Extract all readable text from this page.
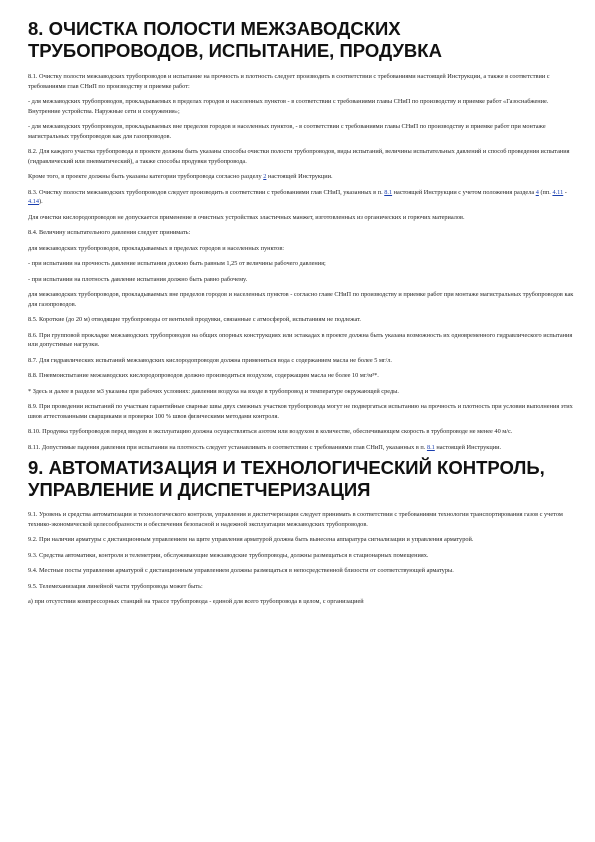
8. ОЧИСТКА ПОЛОСТИ МЕЖЗАВОДСКИХ ТРУБОПРОВОДОВ, ИСПЫТАНИЕ, ПРОДУВКА

8.1. Очистку полости межзаводских трубопроводов и испытание на прочность и плотность следует производить в соответствии с требованиями настоящей Инструкции, а также в соответствии с требованиями глав СНиП по производству и приемке работ:

- для межзаводских трубопроводов, прокладываемых в пределах городов и населенных пунктов - в соответствии с требованиями главы СНиП по производству и приемке работ «Газоснабжение. Внутренние устройства. Наружные сети и сооружения»;

- для межзаводских трубопроводов, прокладываемых вне пределов городов и населенных пунктов, - в соответствии с требованиями главы СНиП по производству и приемке работ при монтаже магистральных трубопроводов как для газопроводов.

8.2. Для каждого участка трубопровода в проекте должны быть указаны способы очистки полости трубопроводов, виды испытаний, величины испытательных давлений и способ проведения испытания (гидравлический или пневматический), а также способы продувки трубопровода.

Кроме того, в проекте должны быть указаны категории трубопровода согласно разделу 2 настоящей Инструкции.

8.3. Очистку полости межзаводских трубопроводов следует производить в соответствии с требованиями глав СНиП, указанных в п. 8.1 настоящей Инструкции с учетом положения раздела 4 (пп. 4.11 - 4.14).

Для очистки кислородопроводов не допускается применение в очистных устройствах эластичных манжет, изготовленных из органических и горючих материалов.

8.4. Величину испытательного давления следует принимать:

для межзаводских трубопроводов, прокладываемых в пределах городов и населенных пунктов:

- при испытании на прочность давление испытания должно быть равным 1,25 от величины рабочего давления;

- при испытании на плотность давление испытания должно быть равно рабочему.

для межзаводских трубопроводов, прокладываемых вне пределов городов и населенных пунктов - согласно главе СНиП по производству и приемке работ при монтаже магистральных трубопроводов как для газопроводов.

8.5. Короткие (до 20 м) отводящие трубопроводы от вентилей продувки, связанные с атмосферой, испытаниям не подлежат.

8.6. При групповой прокладке межзаводских трубопроводов на общих опорных конструкциях или эстакадах в проекте должна быть указана возможность их одновременного гидравлического испытания или допустимые нагрузки.

8.7. Для гидравлических испытаний межзаводских кислородопроводов должна применяться вода с содержанием масла не более 5 мг/л.

8.8. Пневмоиспытание межзаводских кислородопроводов должно производиться воздухом, содержащим масла не более 10 мг/м³*.

* Здесь и далее в разделе м3 указаны при рабочих условиях: давлении воздуха на входе в трубопровод и температуре окружающей среды.

8.9. При проведении испытаний по участкам гарантийные сварные швы двух смежных участков трубопровода могут не подвергаться испытанию на прочность и плотность при условии выполнения этих швов аттестованными сварщиками и проверки 100 % швов физическими методами контроля.

8.10. Продувка трубопроводов перед вводом в эксплуатацию должна осуществляться азотом или воздухом в количестве, обеспечивающем скорость в трубопроводе не менее 40 м/с.

8.11. Допустимые падения давления при испытании на плотность следует устанавливать в соответствии с требованиями глав СНиП, указанных в п. 8.1 настоящей Инструкции.

9. АВТОМАТИЗАЦИЯ И ТЕХНОЛОГИЧЕСКИЙ КОНТРОЛЬ, УПРАВЛЕНИЕ И ДИСПЕТЧЕРИЗАЦИЯ

9.1. Уровень и средства автоматизации и технологического контроля, управления и диспетчеризации следует принимать в соответствии с требованиями технологии транспортирования газов с учетом технико-экономической целесообразности и обеспечения безопасной и надежной эксплуатации межзаводских трубопроводов.

9.2. При наличии арматуры с дистанционным управлением на щите управления арматурой должна быть вынесена аппаратура сигнализации и управления арматурой.

9.3. Средства автоматики, контроля и телеметрии, обслуживающие межзаводские трубопроводы, должны размещаться в стационарных помещениях.

9.4. Местные посты управления арматурой с дистанционным управлением должны размещаться в непосредственной близости от соответствующей арматуры.

9.5. Телемеханизация линейной части трубопровода может быть:

а) при отсутствии компрессорных станций на трассе трубопровода - единой для всего трубопровода в целом, с организацией
